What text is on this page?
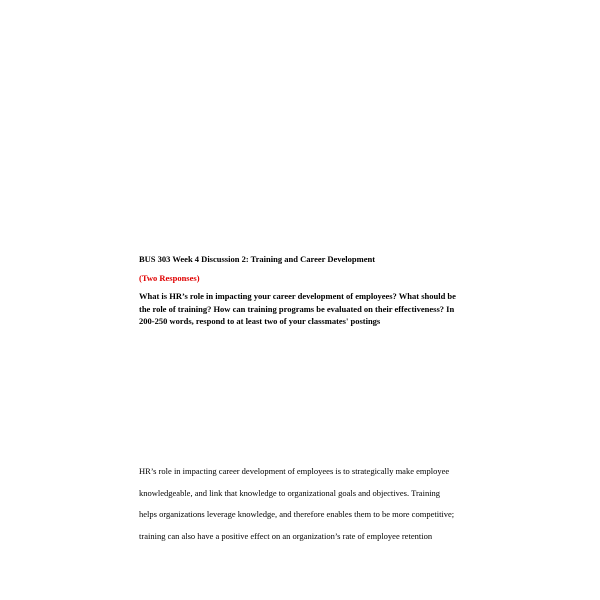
BUS 303 Week 4 Discussion 2: Training and Career Development
(Two Responses)
What is HR’s role in impacting your career development of employees? What should be
the role of training? How can training programs be evaluated on their effectiveness? In
200-250 words, respond to at least two of your classmates' postings
HR’s role in impacting career development of employees is to strategically make employee
knowledgeable, and link that knowledge to organizational goals and objectives. Training
helps organizations leverage knowledge, and therefore enables them to be more competitive;
training can also have a positive effect on an organization’s rate of employee retention
